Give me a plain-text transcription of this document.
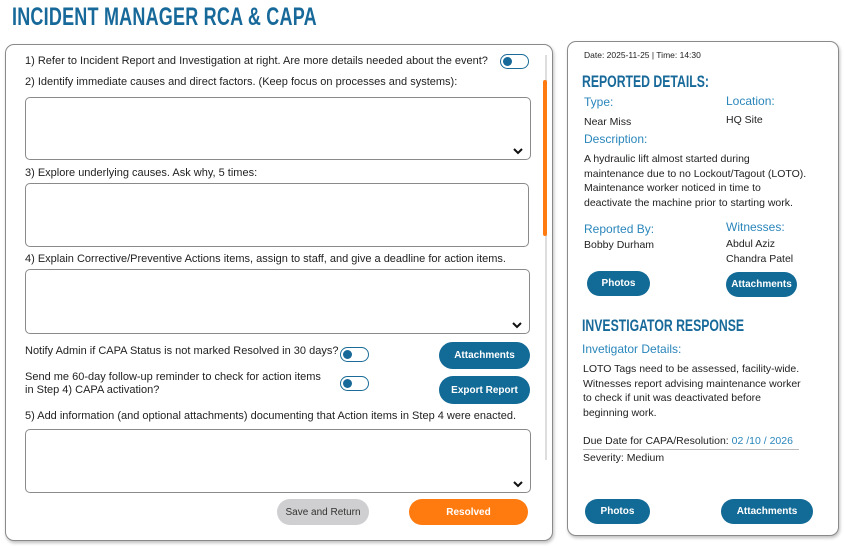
INCIDENT MANAGER RCA & CAPA
1) Refer to Incident Report and Investigation at right. Are more details needed about the event?
2) Identify immediate causes and direct factors. (Keep focus on processes and systems):
3) Explore underlying causes. Ask why, 5 times:
4) Explain Corrective/Preventive Actions items, assign to staff, and give a deadline for action items.
Notify Admin if CAPA Status is not marked Resolved in 30 days?	Attachments
Send me 60-day follow-up reminder to check for action items
in Step 4) CAPA activation?	Export Report
5) Add information (and optional attachments) documenting that Action items in Step 4 were enacted.
Save and Return	Resolved
Date: 2025-11-25 | Time: 14:30
REPORTED DETAILS:
Type:	Location:
Near Miss	HQ Site
Description:
A hydraulic lift almost started during
maintenance due to no Lockout/Tagout (LOTO).
Maintenance worker noticed in time to
deactivate the machine prior to starting work.
Reported By:	Witnesses:
Bobby Durham	Abdul Aziz
Chandra Patel
Photos	Attachments
INVESTIGATOR RESPONSE
Invetigator Details:
LOTO Tags need to be assessed, facility-wide.
Witnesses report advising maintenance worker
to check if unit was deactivated before
beginning work.
Due Date for CAPA/Resolution: 02 /10 / 2026
Severity: Medium
Photos	Attachments
